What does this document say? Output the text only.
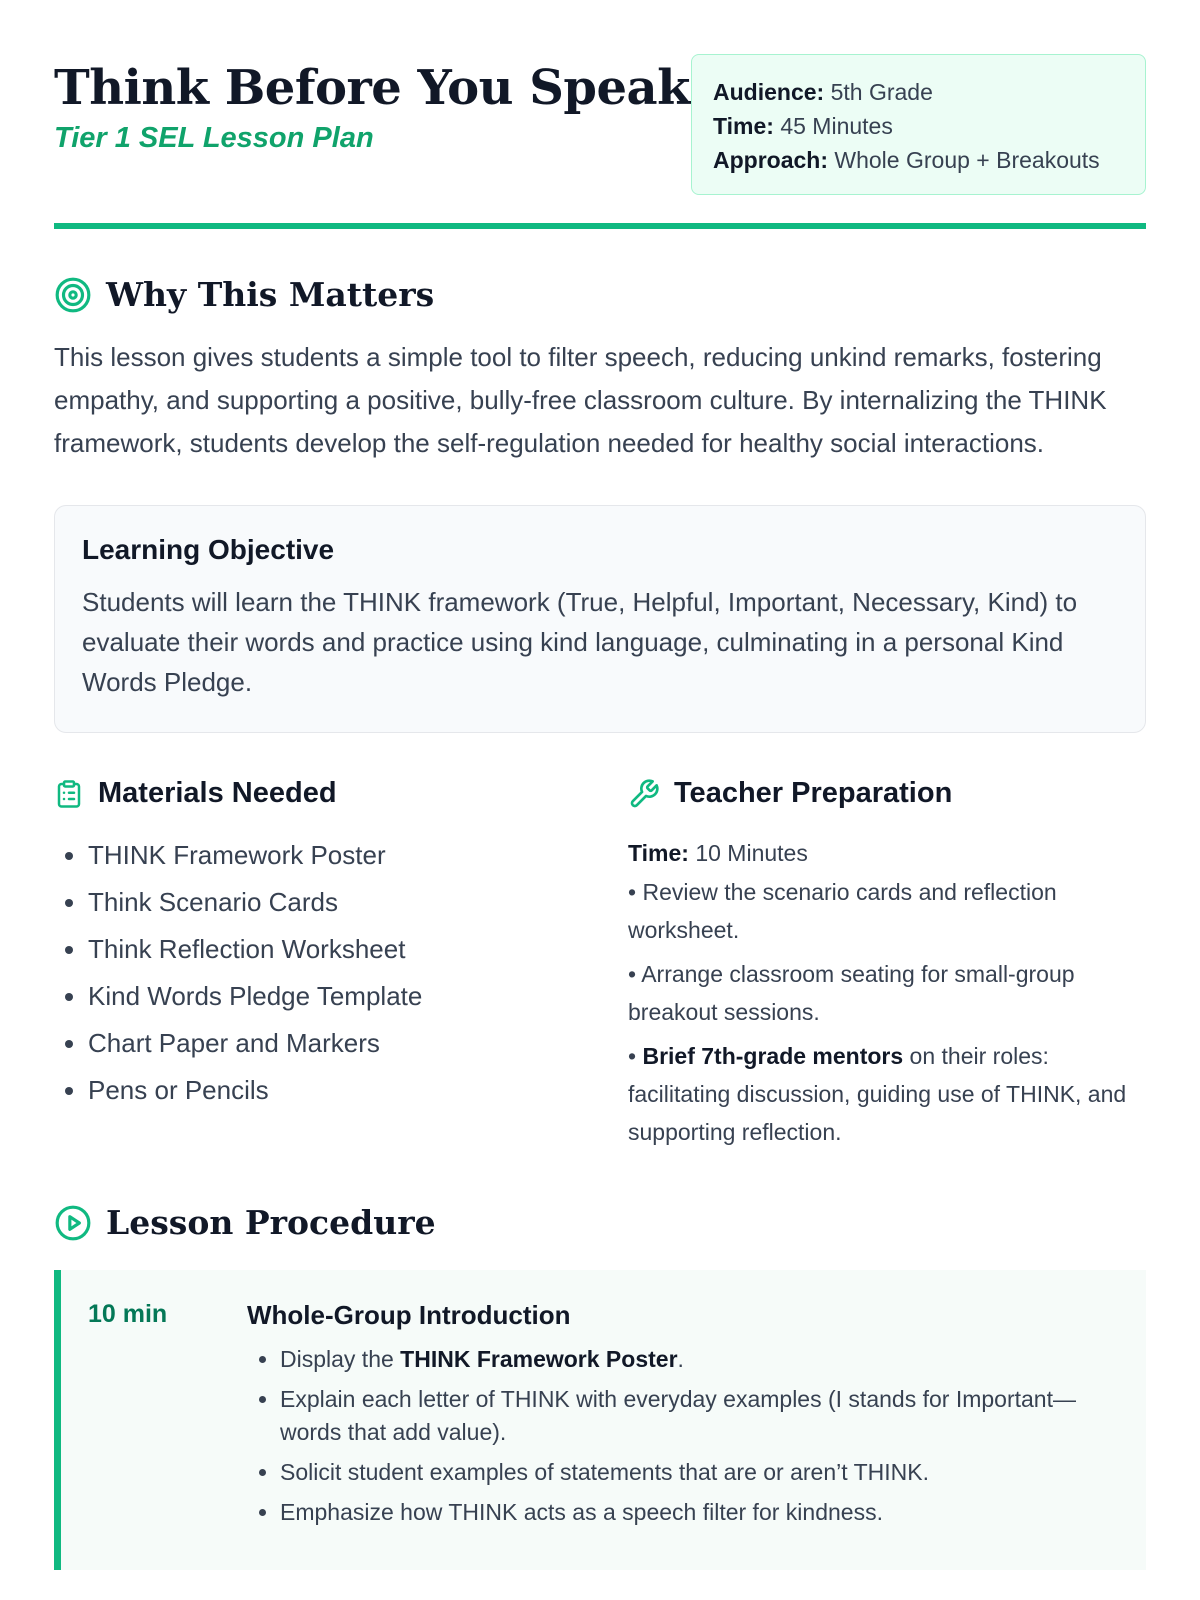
Think Before You Speak
Tier 1 SEL Lesson Plan
Audience: 5th Grade
Time: 45 Minutes
Approach: Whole Group + Breakouts
Why This Matters
This lesson gives students a simple tool to filter speech, reducing unkind remarks, fostering empathy, and supporting a positive, bully-free classroom culture. By internalizing the THINK framework, students develop the self-regulation needed for healthy social interactions.
Learning Objective
Students will learn the THINK framework (True, Helpful, Important, Necessary, Kind) to evaluate their words and practice using kind language, culminating in a personal Kind Words Pledge.
Materials Needed
• THINK Framework Poster
• Think Scenario Cards
• Think Reflection Worksheet
• Kind Words Pledge Template
• Chart Paper and Markers
• Pens or Pencils
Teacher Preparation
Time: 10 Minutes
• Review the scenario cards and reflection worksheet.
• Arrange classroom seating for small-group breakout sessions.
• Brief 7th-grade mentors on their roles: facilitating discussion, guiding use of THINK, and supporting reflection.
Lesson Procedure
10 min	Whole-Group Introduction
• Display the THINK Framework Poster.
• Explain each letter of THINK with everyday examples (I stands for Important—words that add value).
• Solicit student examples of statements that are or aren’t THINK.
• Emphasize how THINK acts as a speech filter for kindness.
